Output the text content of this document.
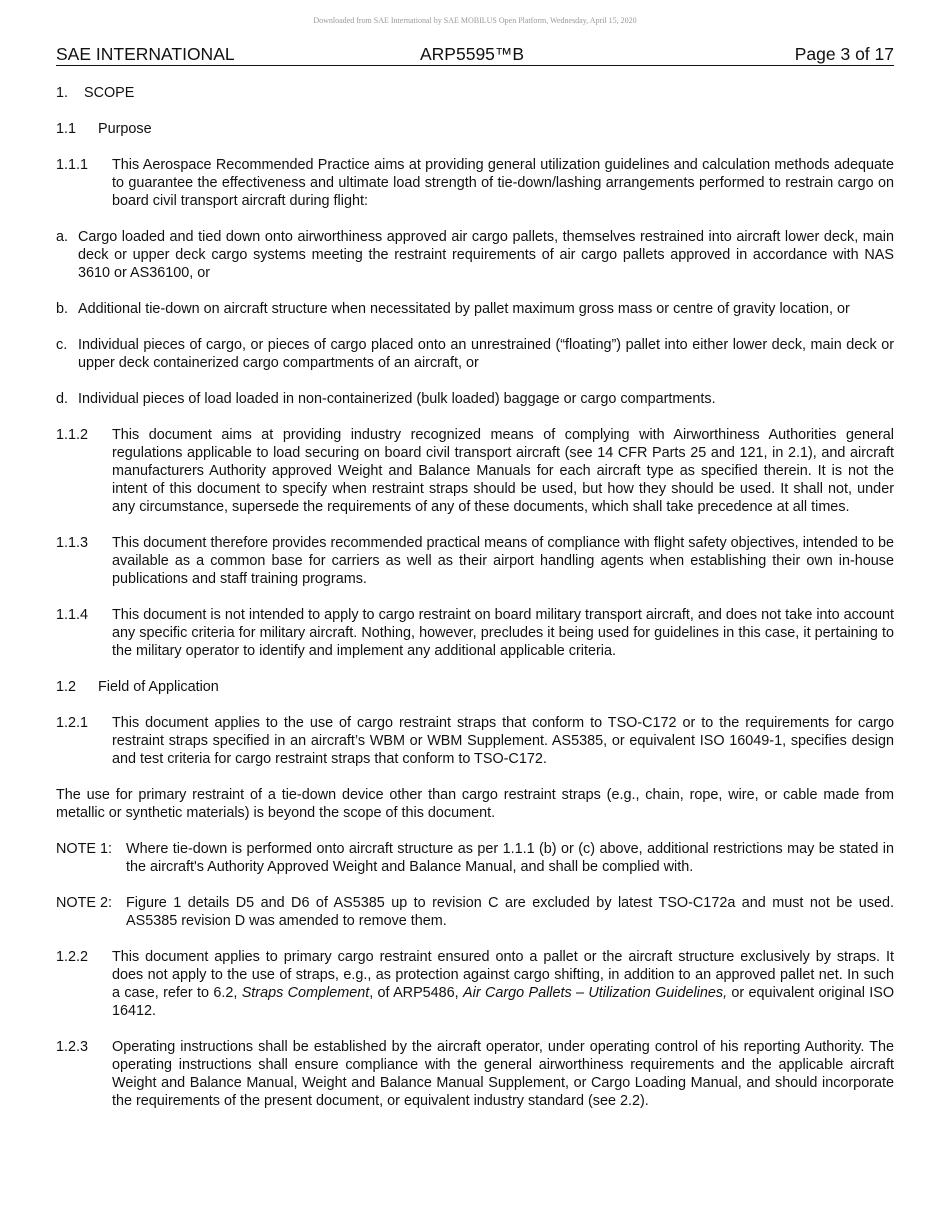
Downloaded from SAE International by SAE MOBILUS Open Platform, Wednesday, April 15, 2020
SAE INTERNATIONAL	ARP5595™B	Page 3 of 17
1. SCOPE
1.1 Purpose
1.1.1 This Aerospace Recommended Practice aims at providing general utilization guidelines and calculation methods adequate to guarantee the effectiveness and ultimate load strength of tie-down/lashing arrangements performed to restrain cargo on board civil transport aircraft during flight:
a. Cargo loaded and tied down onto airworthiness approved air cargo pallets, themselves restrained into aircraft lower deck, main deck or upper deck cargo systems meeting the restraint requirements of air cargo pallets approved in accordance with NAS 3610 or AS36100, or
b. Additional tie-down on aircraft structure when necessitated by pallet maximum gross mass or centre of gravity location, or
c. Individual pieces of cargo, or pieces of cargo placed onto an unrestrained (“floating”) pallet into either lower deck, main deck or upper deck containerized cargo compartments of an aircraft, or
d. Individual pieces of load loaded in non-containerized (bulk loaded) baggage or cargo compartments.
1.1.2 This document aims at providing industry recognized means of complying with Airworthiness Authorities general regulations applicable to load securing on board civil transport aircraft (see 14 CFR Parts 25 and 121, in 2.1), and aircraft manufacturers Authority approved Weight and Balance Manuals for each aircraft type as specified therein. It is not the intent of this document to specify when restraint straps should be used, but how they should be used. It shall not, under any circumstance, supersede the requirements of any of these documents, which shall take precedence at all times.
1.1.3 This document therefore provides recommended practical means of compliance with flight safety objectives, intended to be available as a common base for carriers as well as their airport handling agents when establishing their own in-house publications and staff training programs.
1.1.4 This document is not intended to apply to cargo restraint on board military transport aircraft, and does not take into account any specific criteria for military aircraft. Nothing, however, precludes it being used for guidelines in this case, it pertaining to the military operator to identify and implement any additional applicable criteria.
1.2 Field of Application
1.2.1 This document applies to the use of cargo restraint straps that conform to TSO-C172 or to the requirements for cargo restraint straps specified in an aircraft’s WBM or WBM Supplement. AS5385, or equivalent ISO 16049-1, specifies design and test criteria for cargo restraint straps that conform to TSO-C172.
The use for primary restraint of a tie-down device other than cargo restraint straps (e.g., chain, rope, wire, or cable made from metallic or synthetic materials) is beyond the scope of this document.
NOTE 1: Where tie-down is performed onto aircraft structure as per 1.1.1 (b) or (c) above, additional restrictions may be stated in the aircraft's Authority Approved Weight and Balance Manual, and shall be complied with.
NOTE 2: Figure 1 details D5 and D6 of AS5385 up to revision C are excluded by latest TSO-C172a and must not be used. AS5385 revision D was amended to remove them.
1.2.2 This document applies to primary cargo restraint ensured onto a pallet or the aircraft structure exclusively by straps. It does not apply to the use of straps, e.g., as protection against cargo shifting, in addition to an approved pallet net. In such a case, refer to 6.2, Straps Complement, of ARP5486, Air Cargo Pallets – Utilization Guidelines, or equivalent original ISO 16412.
1.2.3 Operating instructions shall be established by the aircraft operator, under operating control of his reporting Authority. The operating instructions shall ensure compliance with the general airworthiness requirements and the applicable aircraft Weight and Balance Manual, Weight and Balance Manual Supplement, or Cargo Loading Manual, and should incorporate the requirements of the present document, or equivalent industry standard (see 2.2).
